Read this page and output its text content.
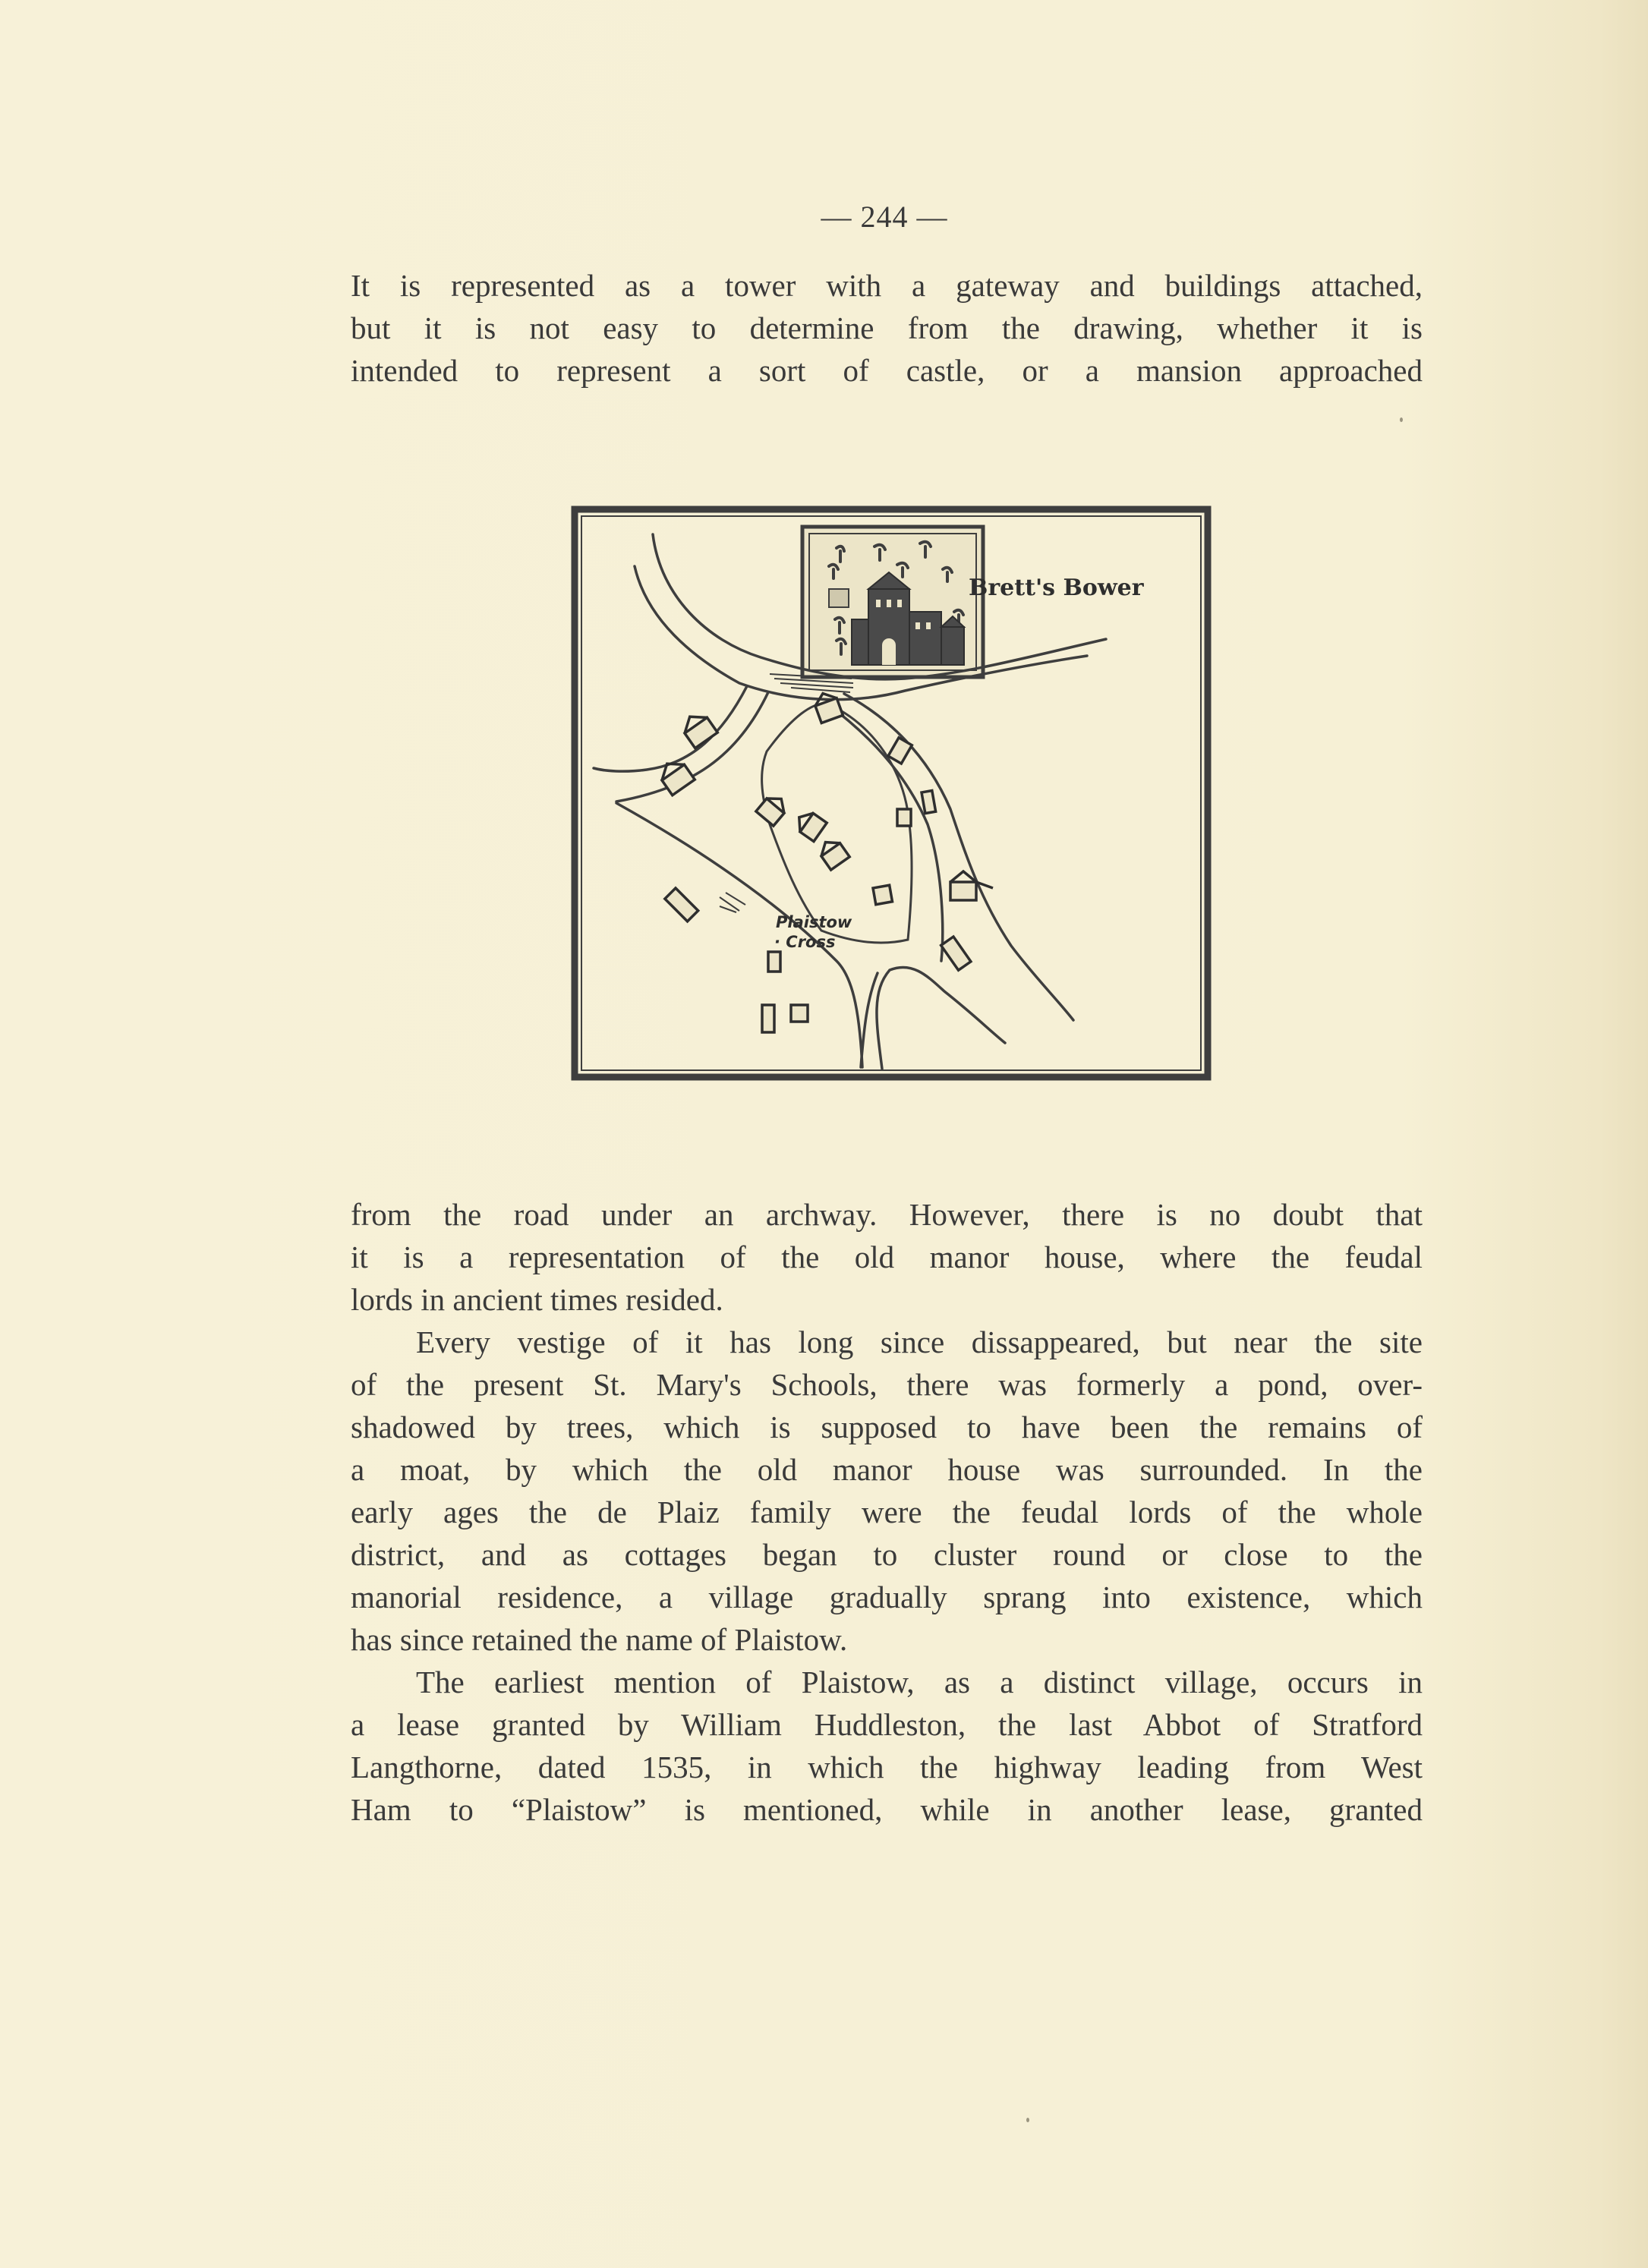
— 244 —
It is represented as a tower with a gateway and buildings attached,
but it is not easy to determine from the drawing, whether it is
intended to represent a sort of castle, or a mansion approached
Brett's Bower
Plaistow
· Cross
from the road under an archway. However, there is no doubt that
it is a representation of the old manor house, where the feudal
lords in ancient times resided.
Every vestige of it has long since dissappeared, but near the site
of the present St. Mary's Schools, there was formerly a pond, over-
shadowed by trees, which is supposed to have been the remains of
a moat, by which the old manor house was surrounded. In the
early ages the de Plaiz family were the feudal lords of the whole
district, and as cottages began to cluster round or close to the
manorial residence, a village gradually sprang into existence, which
has since retained the name of Plaistow.
The earliest mention of Plaistow, as a distinct village, occurs in
a lease granted by William Huddleston, the last Abbot of Stratford
Langthorne, dated 1535, in which the highway leading from West
Ham to “Plaistow” is mentioned, while in another lease, granted
